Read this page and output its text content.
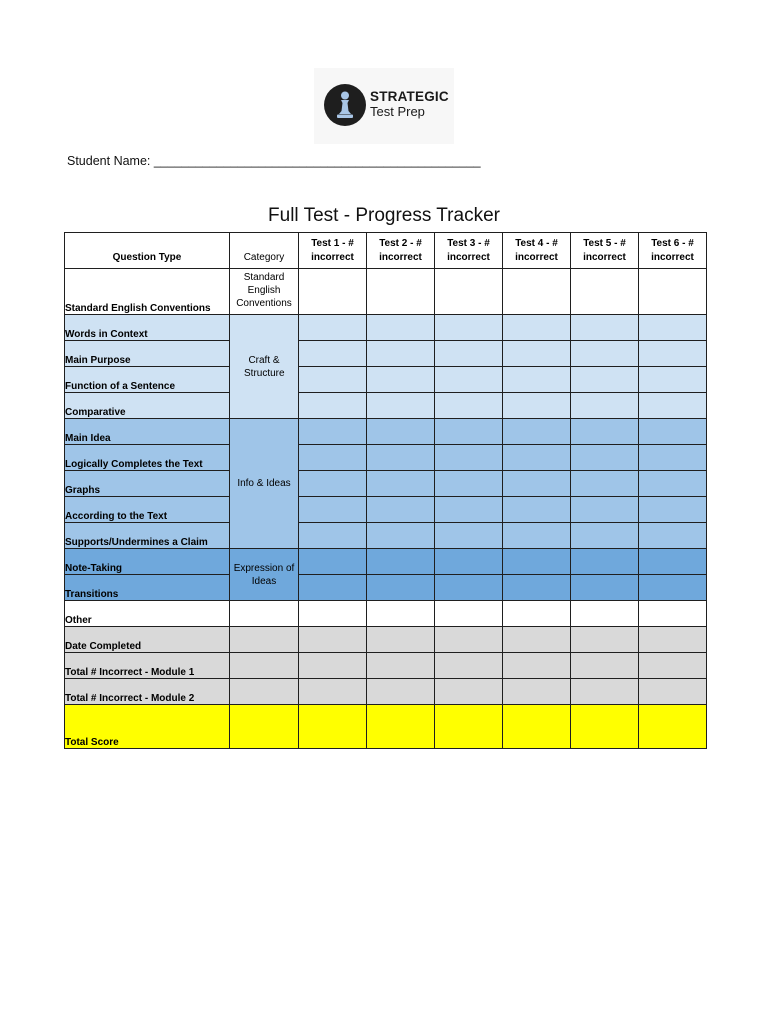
STRATEGIC
Test Prep
Student Name: _______________________________________________
Full Test - Progress Tracker
Question Type	Category	Test 1 - # incorrect	Test 2 - # incorrect	Test 3 - # incorrect	Test 4 - # incorrect	Test 5 - # incorrect	Test 6 - # incorrect
Standard English Conventions	Standard English Conventions						
Words in Context	Craft & Structure						
Main Purpose							
Function of a Sentence							
Comparative							
Main Idea	Info & Ideas						
Logically Completes the Text							
Graphs							
According to the Text							
Supports/Undermines a Claim							
Note-Taking	Expression of Ideas						
Transitions							
Other							
Date Completed							
Total # Incorrect - Module 1							
Total # Incorrect - Module 2							
Total Score							
